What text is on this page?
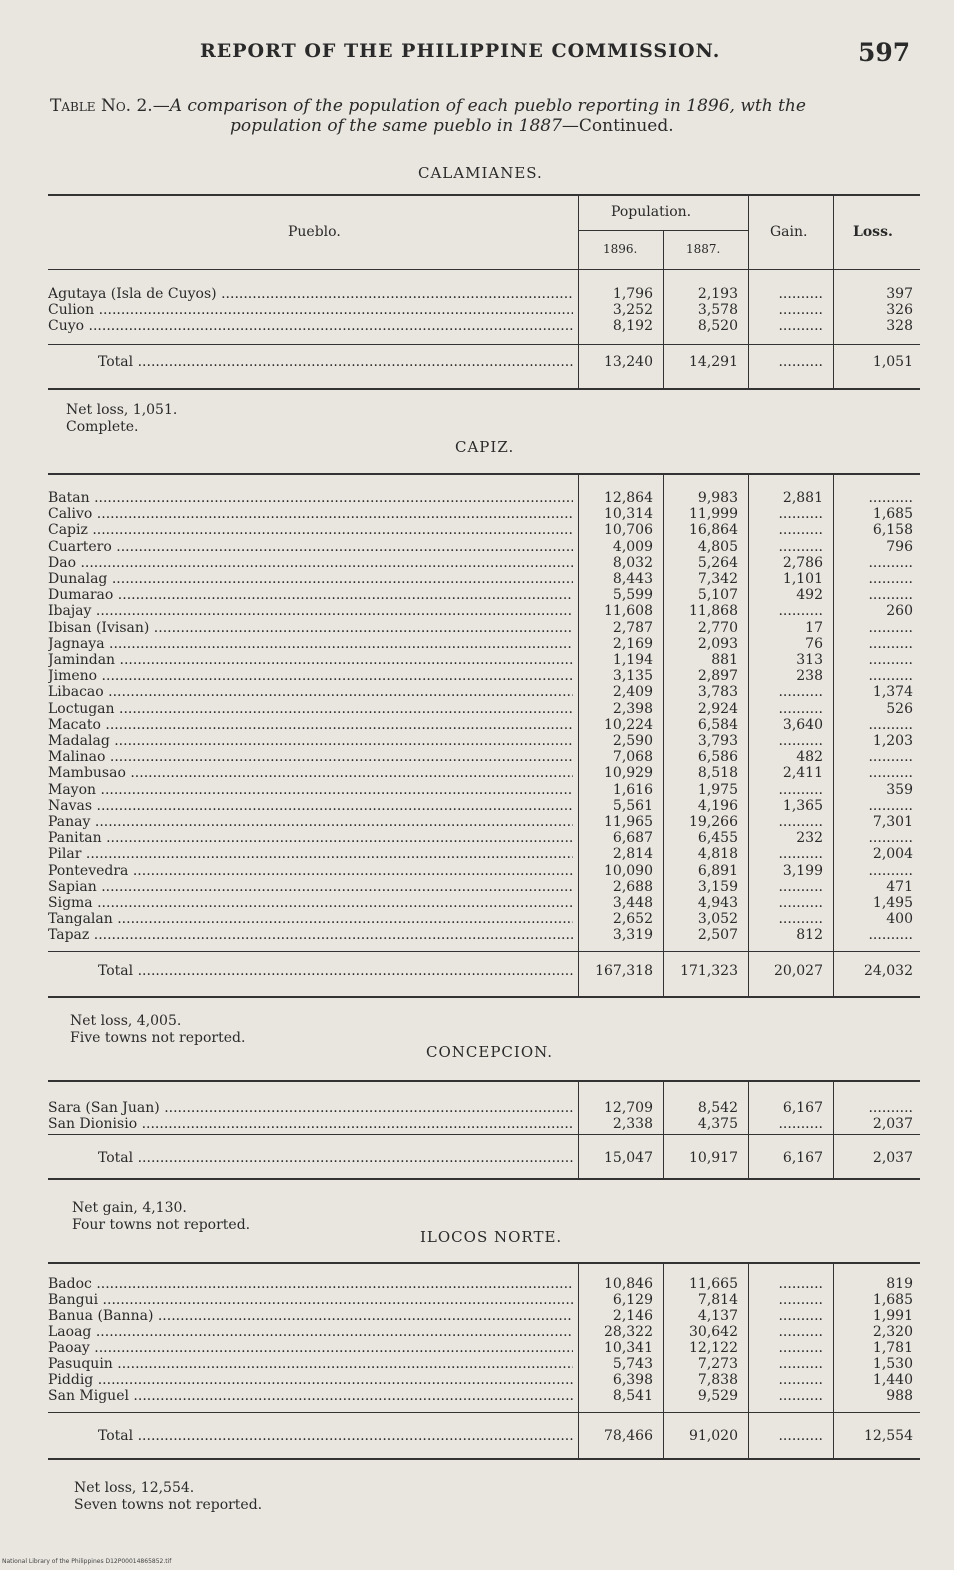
REPORT OF THE PHILIPPINE COMMISSION.	597
Table No. 2.—A comparison of the population of each pueblo reporting in 1896, wth the
population of the same pueblo in 1887—Continued.
CALAMIANES.
Pueblo.
Population.
1896.	1887.
Gain.	Loss.
Agutaya (Isla de Cuyos) .....	1,796	2,193	..........	397
Culion .....	3,252	3,578	..........	326
Cuyo .....	8,192	8,520	..........	328
Total .....	13,240	14,291	..........	1,051
Net loss, 1,051.
Complete.
CAPIZ.
Batan .....	12,864	9,983	2,881	..........
Calivo .....	10,314	11,999	..........	1,685
Capiz .....	10,706	16,864	..........	6,158
Cuartero .....	4,009	4,805	..........	796
Dao .....	8,032	5,264	2,786	..........
Dunalag .....	8,443	7,342	1,101	..........
Dumarao .....	5,599	5,107	492	..........
Ibajay .....	11,608	11,868	..........	260
Ibisan (Ivisan) .....	2,787	2,770	17	..........
Jagnaya .....	2,169	2,093	76	..........
Jamindan .....	1,194	881	313	..........
Jimeno .....	3,135	2,897	238	..........
Libacao .....	2,409	3,783	..........	1,374
Loctugan .....	2,398	2,924	..........	526
Macato .....	10,224	6,584	3,640	..........
Madalag .....	2,590	3,793	..........	1,203
Malinao .....	7,068	6,586	482	..........
Mambusao .....	10,929	8,518	2,411	..........
Mayon .....	1,616	1,975	..........	359
Navas .....	5,561	4,196	1,365	..........
Panay .....	11,965	19,266	..........	7,301
Panitan .....	6,687	6,455	232	..........
Pilar .....	2,814	4,818	..........	2,004
Pontevedra .....	10,090	6,891	3,199	..........
Sapian .....	2,688	3,159	..........	471
Sigma .....	3,448	4,943	..........	1,495
Tangalan .....	2,652	3,052	..........	400
Tapaz .....	3,319	2,507	812	..........
Total .....	167,318	171,323	20,027	24,032
Net loss, 4,005.
Five towns not reported.
CONCEPCION.
Sara (San Juan) .....	12,709	8,542	6,167	..........
San Dionisio .....	2,338	4,375	..........	2,037
Total .....	15,047	10,917	6,167	2,037
Net gain, 4,130.
Four towns not reported.
ILOCOS NORTE.
Badoc .....	10,846	11,665	..........	819
Bangui .....	6,129	7,814	..........	1,685
Banua (Banna) .....	2,146	4,137	..........	1,991
Laoag .....	28,322	30,642	..........	2,320
Paoay .....	10,341	12,122	..........	1,781
Pasuquin .....	5,743	7,273	..........	1,530
Piddig .....	6,398	7,838	..........	1,440
San Miguel .....	8,541	9,529	..........	988
Total .....	78,466	91,020	..........	12,554
Net loss, 12,554.
Seven towns not reported.
National Library of the Philippines D12P00014865852.tif
